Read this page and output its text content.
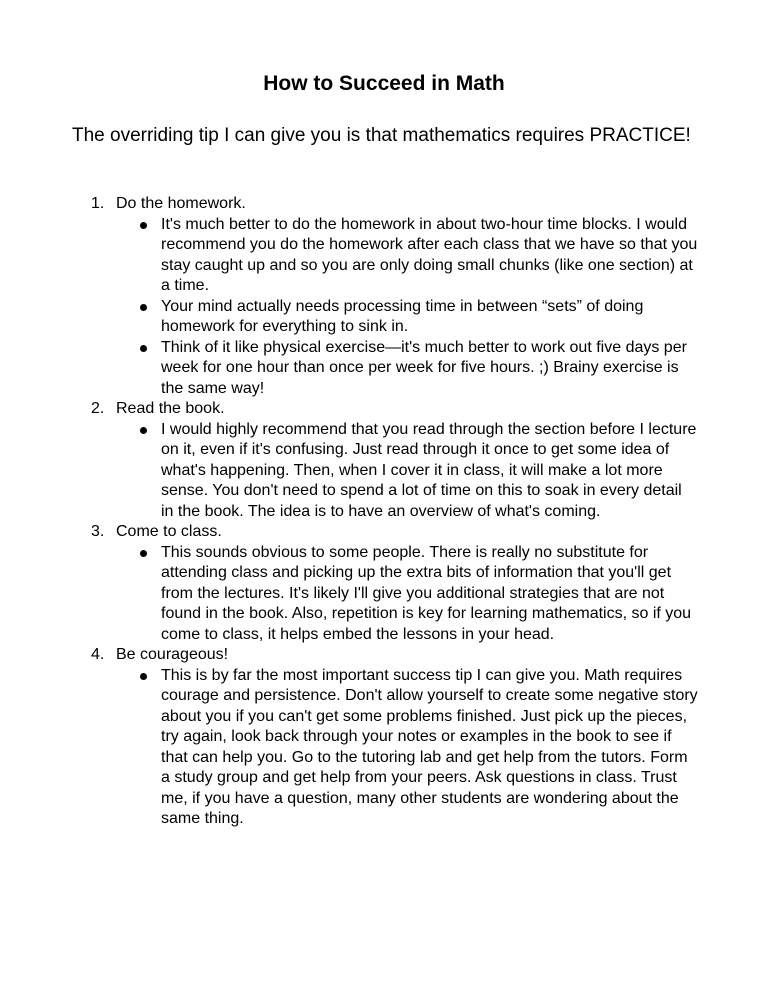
How to Succeed in Math
The overriding tip I can give you is that mathematics requires PRACTICE!

1. Do the homework.

It's much better to do the homework in about two-hour time blocks. I would recommend you do the homework after each class that we have so that you stay caught up and so you are only doing small chunks (like one section) at a time.

Your mind actually needs processing time in between “sets” of doing homework for everything to sink in.

Think of it like physical exercise—it's much better to work out five days per week for one hour than once per week for five hours. ;) Brainy exercise is the same way!

2. Read the book.

I would highly recommend that you read through the section before I lecture on it, even if it's confusing. Just read through it once to get some idea of what's happening. Then, when I cover it in class, it will make a lot more sense. You don't need to spend a lot of time on this to soak in every detail in the book. The idea is to have an overview of what's coming.

3. Come to class.

This sounds obvious to some people. There is really no substitute for attending class and picking up the extra bits of information that you'll get from the lectures. It's likely I'll give you additional strategies that are not found in the book. Also, repetition is key for learning mathematics, so if you come to class, it helps embed the lessons in your head.

4. Be courageous!

This is by far the most important success tip I can give you. Math requires courage and persistence. Don't allow yourself to create some negative story about you if you can't get some problems finished. Just pick up the pieces, try again, look back through your notes or examples in the book to see if that can help you. Go to the tutoring lab and get help from the tutors. Form a study group and get help from your peers. Ask questions in class. Trust me, if you have a question, many other students are wondering about the same thing.
